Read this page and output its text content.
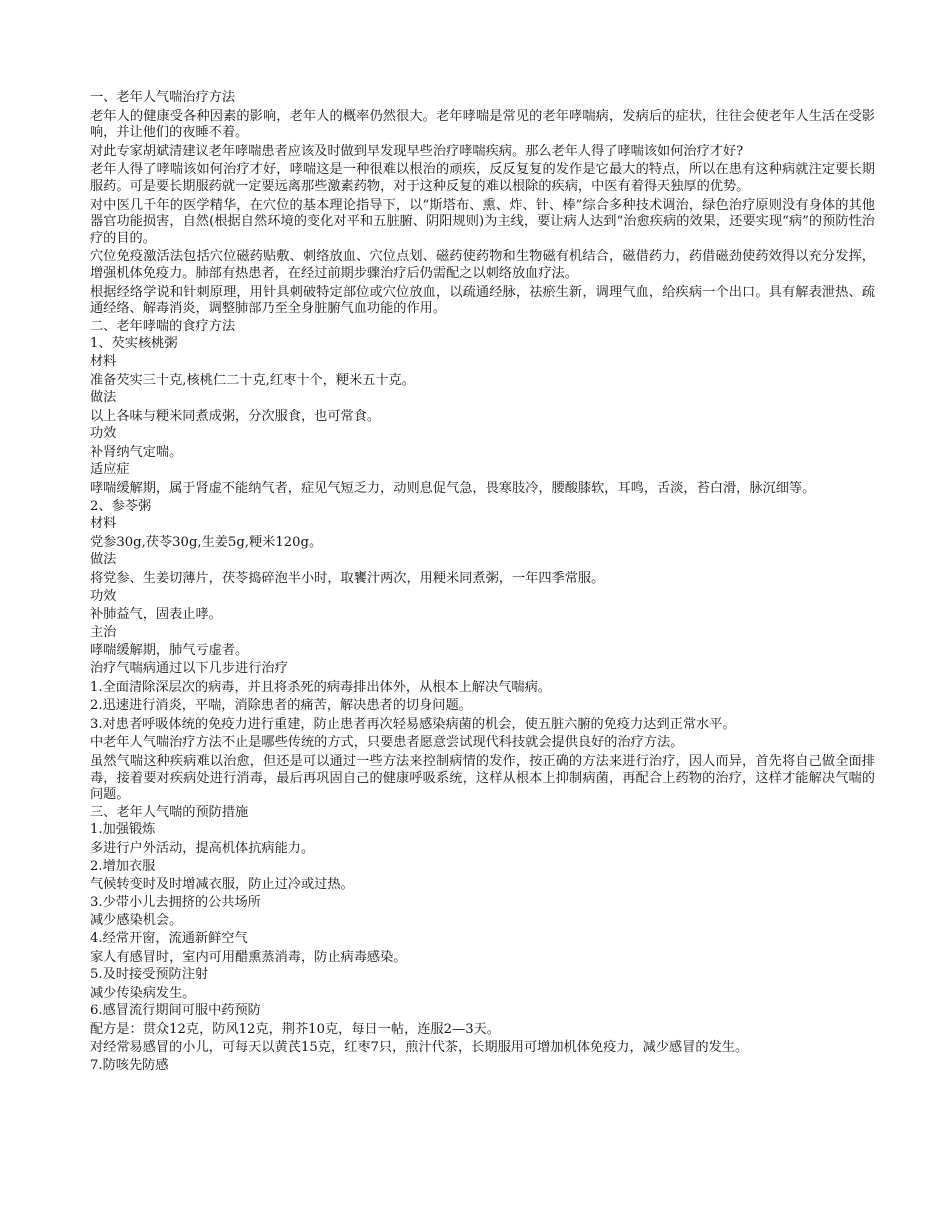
一、老年人气喘治疗方法

老年人的健康受各种因素的影响，老年人的概率仍然很大。老年哮喘是常见的老年哮喘病，发病后的症状，往往会使老年人生活在受影响，并让他们的夜睡不着。

对此专家胡斌清建议老年哮喘患者应该及时做到早发现早些治疗哮喘疾病。那么老年人得了哮喘该如何治疗才好?

老年人得了哮喘该如何治疗才好，哮喘这是一种很难以根治的顽疾，反反复复的发作是它最大的特点，所以在患有这种病就注定要长期服药。可是要长期服药就一定要远离那些激素药物，对于这种反复的难以根除的疾病，中医有着得天独厚的优势。

对中医几千年的医学精华，在穴位的基本理论指导下，以“斯塔布、熏、炸、针、棒”综合多种技术调治，绿色治疗原则没有身体的其他器官功能损害，自然(根据自然环境的变化对平和五脏腑、阴阳规则)为主线，要让病人达到“治愈疾病的效果，还要实现“病”的预防性治疗的目的。

穴位免疫激活法包括穴位磁药贴敷、刺络放血、穴位点划、磁药使药物和生物磁有机结合，磁借药力，药借磁劲使药效得以充分发挥，增强机体免疫力。肺部有热患者，在经过前期步骤治疗后仍需配之以刺络放血疗法。

根据经络学说和针刺原理，用针具刺破特定部位或穴位放血，以疏通经脉，祛瘀生新，调理气血，给疾病一个出口。具有解表泄热、疏通经络、解毒消炎，调整肺部乃至全身脏腑气血功能的作用。

二、老年哮喘的食疗方法

1、芡实核桃粥

材料

准备芡实三十克,核桃仁二十克,红枣十个，粳米五十克。

做法

以上各味与粳米同煮成粥，分次服食，也可常食。

功效

补肾纳气定喘。

适应症

哮喘缓解期，属于肾虚不能纳气者，症见气短乏力，动则息促气急，畏寒肢冷，腰酸膝软，耳鸣，舌淡，苔白滑，脉沉细等。

2、参苓粥

材料

党参30g,茯苓30g,生姜5g,粳米120g。

做法

将党参、生姜切薄片，茯苓捣碎泡半小时，取饔汁两次，用粳米同煮粥，一年四季常服。

功效

补肺益气，固表止哮。

主治

哮喘缓解期，肺气亏虚者。

治疗气喘病通过以下几步进行治疗

1.全面清除深层次的病毒，并且将杀死的病毒排出体外，从根本上解决气喘病。

2.迅速进行消炎，平喘，消除患者的痛苦，解决患者的切身问题。

3.对患者呼吸体统的免疫力进行重建，防止患者再次轻易感染病菌的机会，使五脏六腑的免疫力达到正常水平。

中老年人气喘治疗方法不止是哪些传统的方式，只要患者愿意尝试现代科技就会提供良好的治疗方法。

虽然气喘这种疾病难以治愈，但还是可以通过一些方法来控制病情的发作，按正确的方法来进行治疗，因人而异，首先将自己做全面排毒，接着要对疾病处进行消毒，最后再巩固自己的健康呼吸系统，这样从根本上抑制病菌，再配合上药物的治疗，这样才能解决气喘的问题。

三、老年人气喘的预防措施

1.加强锻炼

多进行户外活动，提高机体抗病能力。

2.增加衣服

气候转变时及时增减衣服，防止过冷或过热。

3.少带小儿去拥挤的公共场所

减少感染机会。

4.经常开窗，流通新鲜空气

家人有感冒时，室内可用醋熏蒸消毒，防止病毒感染。

5.及时接受预防注射

减少传染病发生。

6.感冒流行期间可服中药预防

配方是：贯众12克，防风12克，荆芥10克，每日一帖，连服2—3天。

对经常易感冒的小儿，可每天以黄芪15克，红枣7只，煎汁代茶，长期服用可增加机体免疫力，减少感冒的发生。

7.防咳先防感
